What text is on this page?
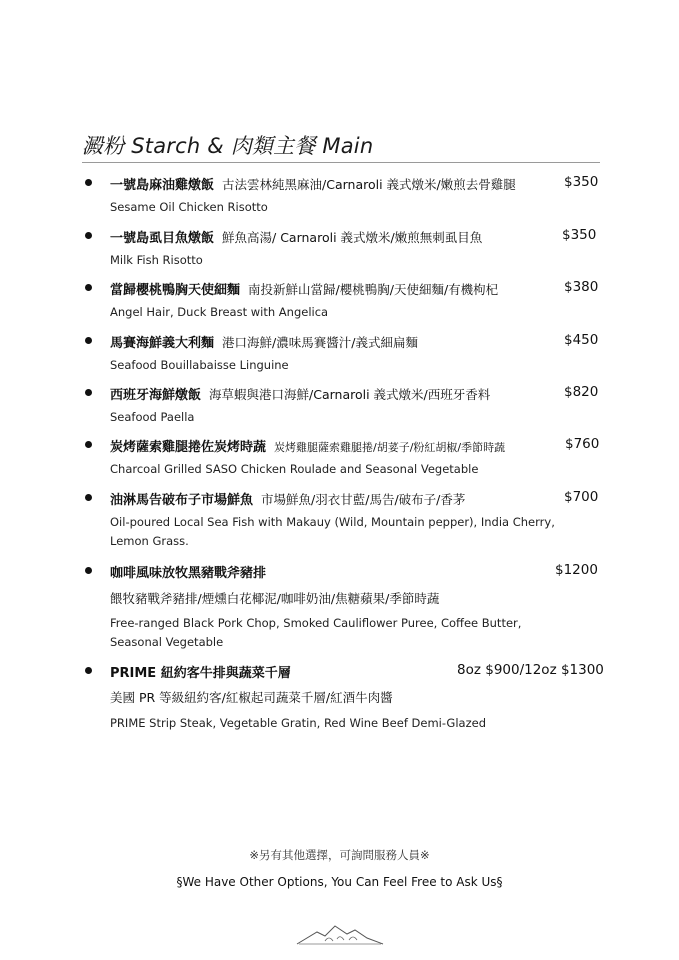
澱粉 Starch & 肉類主餐 Main
一號島麻油雞燉飯 古法雲林純黑麻油/Carnaroli 義式燉米/嫩煎去骨雞腿	$350
Sesame Oil Chicken Risotto
一號島虱目魚燉飯 鮮魚高湯/ Carnaroli 義式燉米/嫩煎無刺虱目魚	$350
Milk Fish Risotto
當歸櫻桃鴨胸天使細麵 南投新鮮山當歸/櫻桃鴨胸/天使細麵/有機枸杞	$380
Angel Hair, Duck Breast with Angelica
馬賽海鮮義大利麵 港口海鮮/濃味馬賽醬汁/義式細扁麵	$450
Seafood Bouillabaisse Linguine
西班牙海鮮燉飯 海草蝦與港口海鮮/Carnaroli 義式燉米/西班牙香料	$820
Seafood Paella
炭烤薩索雞腿捲佐炭烤時蔬 炭烤雞腿薩索雞腿捲/胡荽子/粉紅胡椒/季節時蔬	$760
Charcoal Grilled SASO Chicken Roulade and Seasonal Vegetable
油淋馬告破布子市場鮮魚 市場鮮魚/羽衣甘藍/馬告/破布子/香茅	$700
Oil-poured Local Sea Fish with Makauy (Wild, Mountain pepper), India Cherry, Lemon Grass.
咖啡風味放牧黑豬戰斧豬排	$1200
餵牧豬戰斧豬排/煙燻白花椰泥/咖啡奶油/焦糖蘋果/季節時蔬
Free-ranged Black Pork Chop, Smoked Cauliflower Puree, Coffee Butter, Seasonal Vegetable
PRIME 紐約客牛排與蔬菜千層	8oz $900/12oz $1300
美國 PR 等級紐約客/紅椒起司蔬菜千層/紅酒牛肉醬
PRIME Strip Steak, Vegetable Gratin, Red Wine Beef Demi-Glazed
※另有其他選擇，可詢問服務人員※
§We Have Other Options, You Can Feel Free to Ask Us§
